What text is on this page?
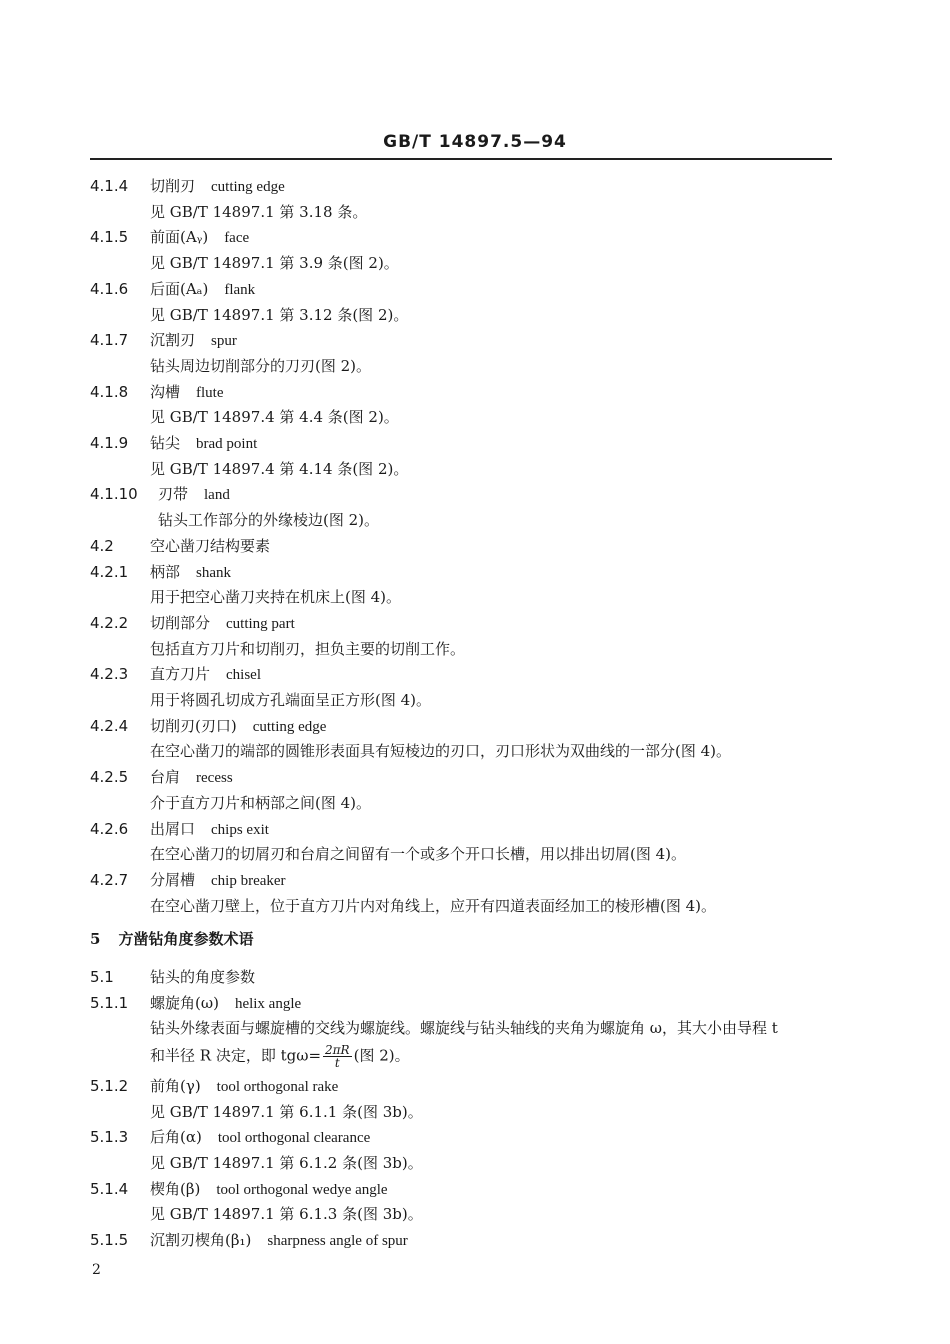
GB/T 14897.5—94
4.1.4 切削刃 cutting edge
见 GB/T 14897.1 第 3.18 条。
4.1.5 前面(Aᵧ) face
见 GB/T 14897.1 第 3.9 条(图 2)。
4.1.6 后面(Aₐ) flank
见 GB/T 14897.1 第 3.12 条(图 2)。
4.1.7 沉割刃 spur
钻头周边切削部分的刀刃(图 2)。
4.1.8 沟槽 flute
见 GB/T 14897.4 第 4.4 条(图 2)。
4.1.9 钻尖 brad point
见 GB/T 14897.4 第 4.14 条(图 2)。
4.1.10 刃带 land
钻头工作部分的外缘棱边(图 2)。
4.2 空心凿刀结构要素
4.2.1 柄部 shank
用于把空心凿刀夹持在机床上(图 4)。
4.2.2 切削部分 cutting part
包括直方刀片和切削刃，担负主要的切削工作。
4.2.3 直方刀片 chisel
用于将圆孔切成方孔端面呈正方形(图 4)。
4.2.4 切削刃(刃口) cutting edge
在空心凿刀的端部的圆锥形表面具有短棱边的刃口，刃口形状为双曲线的一部分(图 4)。
4.2.5 台肩 recess
介于直方刀片和柄部之间(图 4)。
4.2.6 出屑口 chips exit
在空心凿刀的切屑刃和台肩之间留有一个或多个开口长槽，用以排出切屑(图 4)。
4.2.7 分屑槽 chip breaker
在空心凿刀壁上，位于直方刀片内对角线上，应开有四道表面经加工的棱形槽(图 4)。
5 方凿钻角度参数术语
5.1 钻头的角度参数
5.1.1 螺旋角(ω) helix angle
钻头外缘表面与螺旋槽的交线为螺旋线。螺旋线与钻头轴线的夹角为螺旋角 ω，其大小由导程 t
和半径 R 决定，即 $tg\omega= \frac{2\pi R}{t}$ (图 2)。
5.1.2 前角(γ) tool orthogonal rake
见 GB/T 14897.1 第 6.1.1 条(图 3b)。
5.1.3 后角(α) tool orthogonal clearance
见 GB/T 14897.1 第 6.1.2 条(图 3b)。
5.1.4 楔角(β) tool orthogonal wedye angle
见 GB/T 14897.1 第 6.1.3 条(图 3b)。
5.1.5 沉割刃楔角(β₁) sharpness angle of spur
2
